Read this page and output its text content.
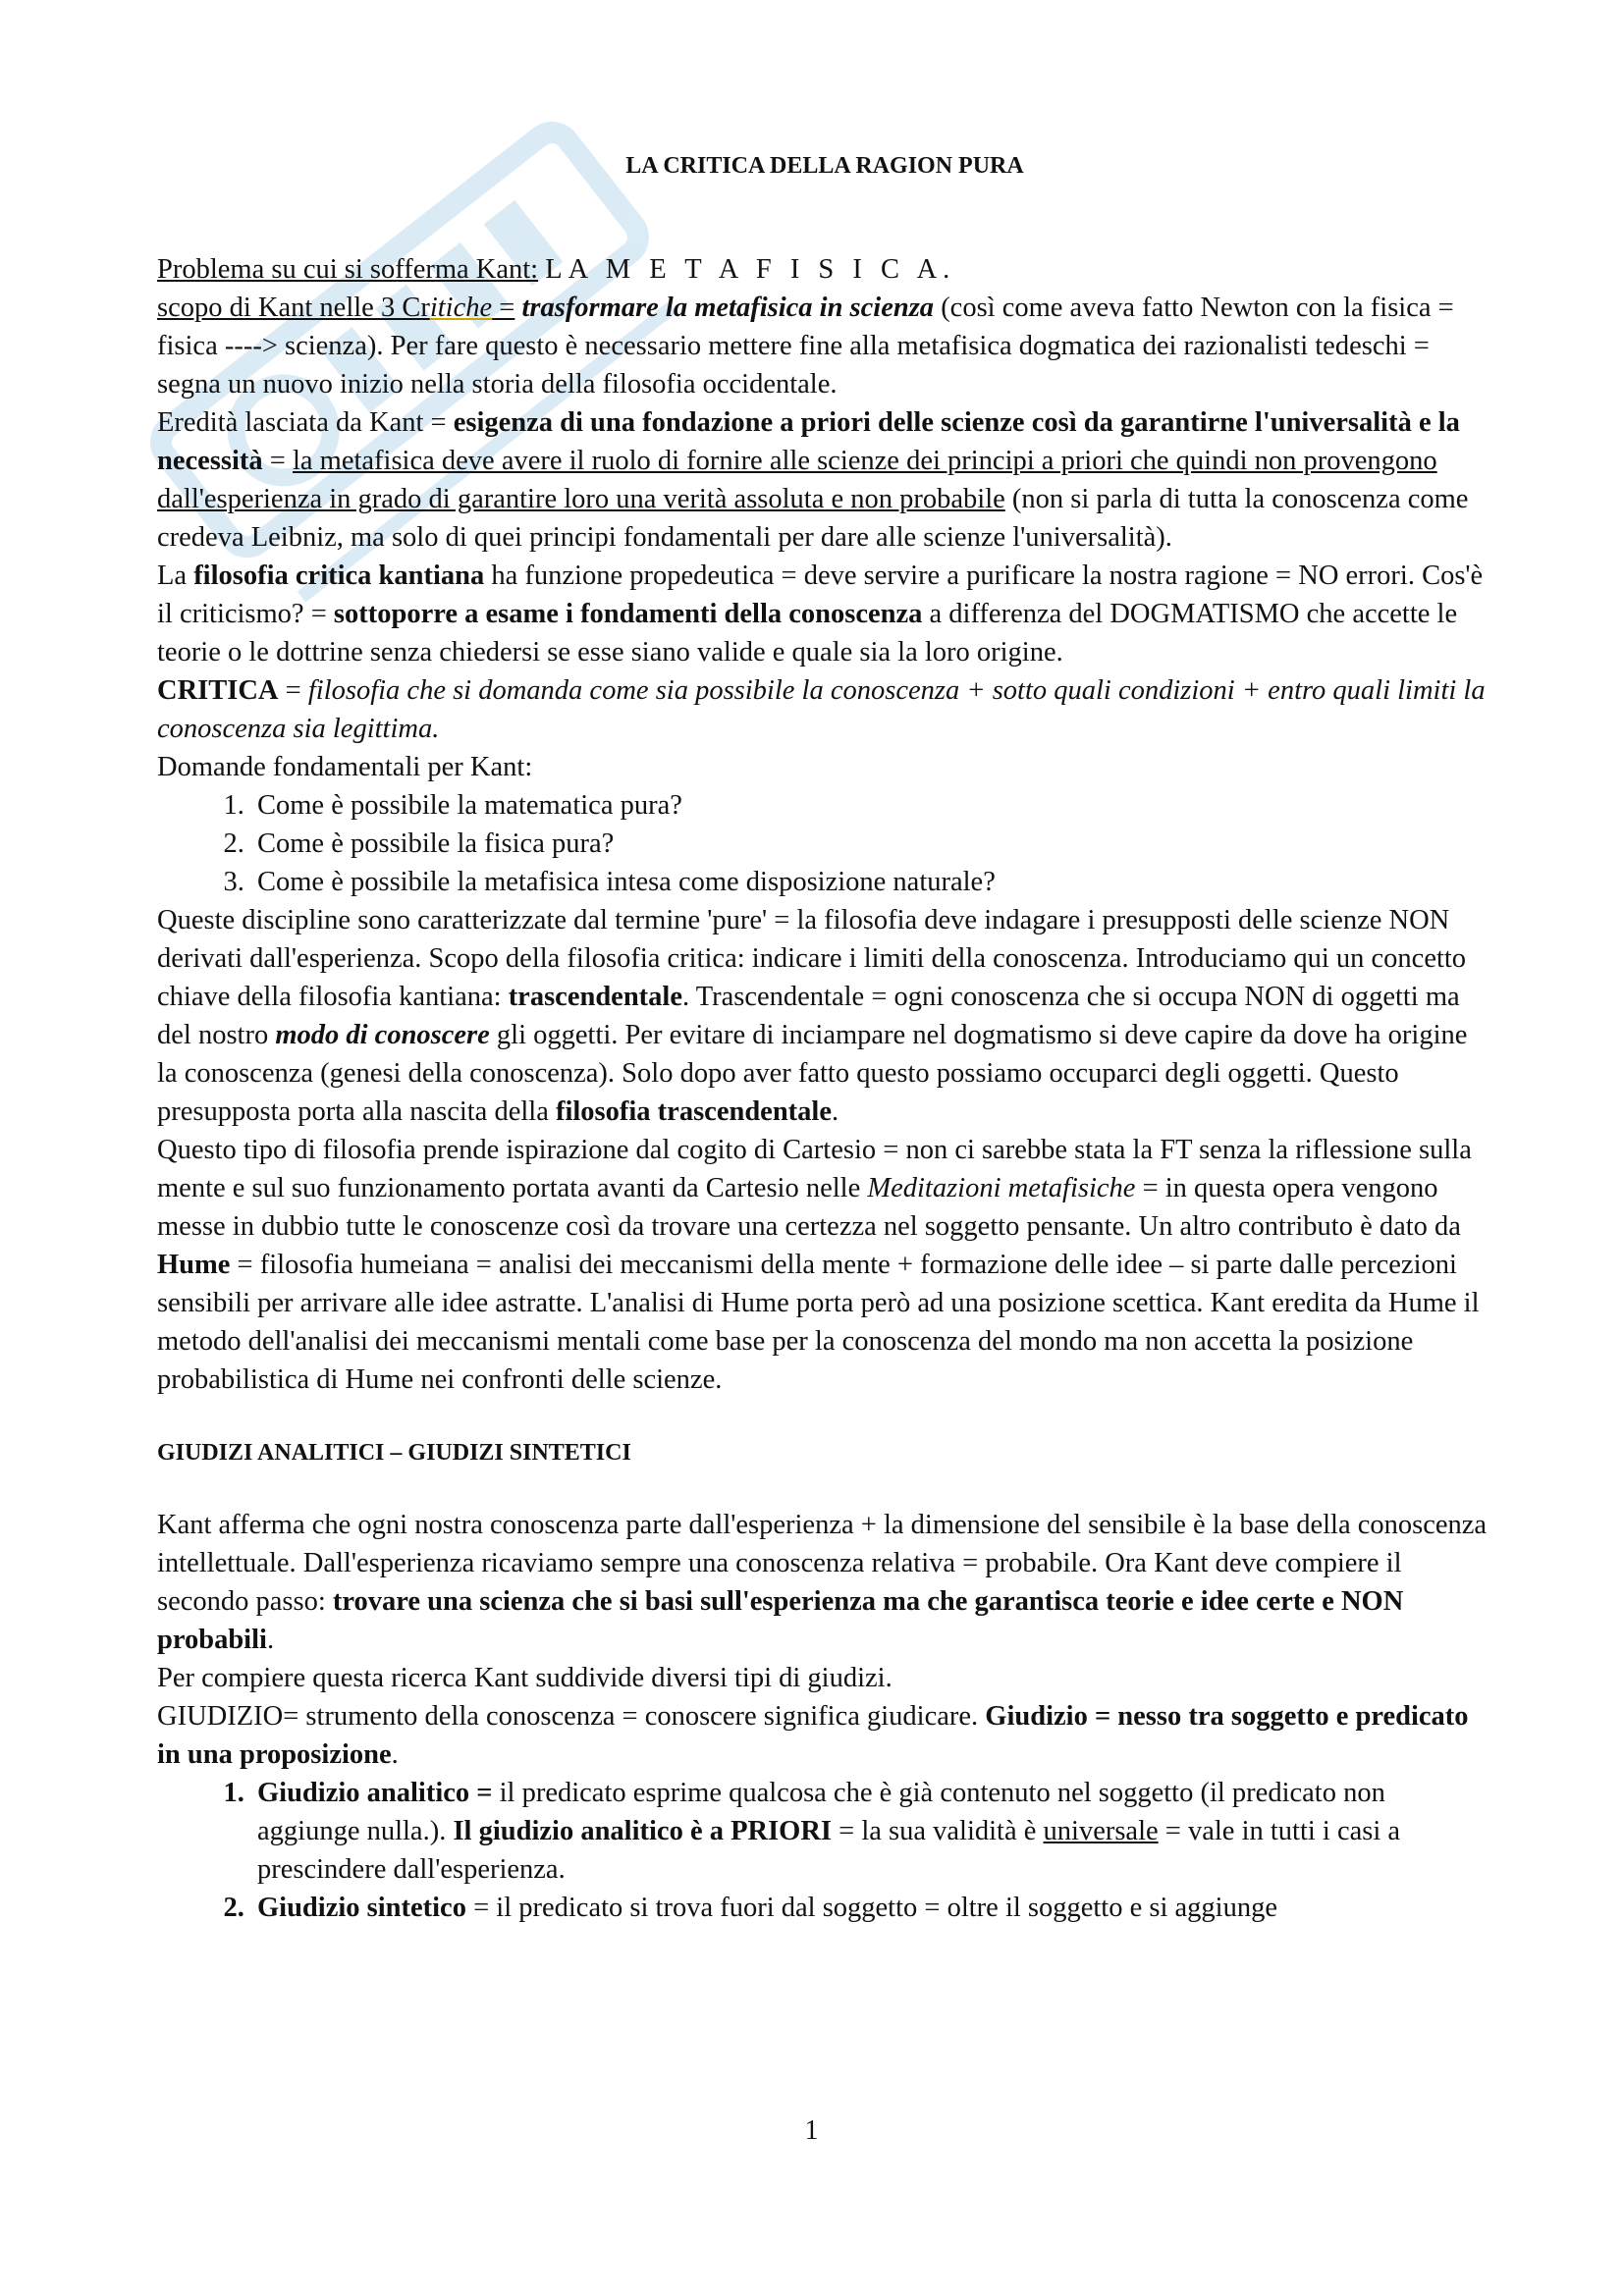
LA CRITICA DELLA RAGION PURA

Problema su cui si sofferma Kant: LA M E T A F I S I C A.

scopo di Kant nelle 3 Critiche = trasformare la metafisica in scienza (così come aveva fatto Newton con la fisica = fisica ----> scienza). Per fare questo è necessario mettere fine alla metafisica dogmatica dei razionalisti tedeschi = segna un nuovo inizio nella storia della filosofia occidentale.

Eredità lasciata da Kant = esigenza di una fondazione a priori delle scienze così da garantirne l'universalità e la necessità = la metafisica deve avere il ruolo di fornire alle scienze dei principi a priori che quindi non provengono dall'esperienza in grado di garantire loro una verità assoluta e non probabile (non si parla di tutta la conoscenza come credeva Leibniz, ma solo di quei principi fondamentali per dare alle scienze l'universalità).

La filosofia critica kantiana ha funzione propedeutica = deve servire a purificare la nostra ragione = NO errori. Cos'è il criticismo? = sottoporre a esame i fondamenti della conoscenza a differenza del DOGMATISMO che accette le teorie o le dottrine senza chiedersi se esse siano valide e quale sia la loro origine.

CRITICA = filosofia che si domanda come sia possibile la conoscenza + sotto quali condizioni + entro quali limiti la conoscenza sia legittima.

Domande fondamentali per Kant:

1. Come è possibile la matematica pura?
2. Come è possibile la fisica pura?
3. Come è possibile la metafisica intesa come disposizione naturale?

Queste discipline sono caratterizzate dal termine 'pure' = la filosofia deve indagare i presupposti delle scienze NON derivati dall'esperienza. Scopo della filosofia critica: indicare i limiti della conoscenza. Introduciamo qui un concetto chiave della filosofia kantiana: trascendentale. Trascendentale = ogni conoscenza che si occupa NON di oggetti ma del nostro modo di conoscere gli oggetti. Per evitare di inciampare nel dogmatismo si deve capire da dove ha origine la conoscenza (genesi della conoscenza). Solo dopo aver fatto questo possiamo occuparci degli oggetti. Questo presupposta porta alla nascita della filosofia trascendentale.

Questo tipo di filosofia prende ispirazione dal cogito di Cartesio = non ci sarebbe stata la FT senza la riflessione sulla mente e sul suo funzionamento portata avanti da Cartesio nelle Meditazioni metafisiche = in questa opera vengono messe in dubbio tutte le conoscenze così da trovare una certezza nel soggetto pensante. Un altro contributo è dato da Hume = filosofia humeiana = analisi dei meccanismi della mente + formazione delle idee – si parte dalle percezioni sensibili per arrivare alle idee astratte. L'analisi di Hume porta però ad una posizione scettica. Kant eredita da Hume il metodo dell'analisi dei meccanismi mentali come base per la conoscenza del mondo ma non accetta la posizione probabilistica di Hume nei confronti delle scienze.

GIUDIZI ANALITICI – GIUDIZI SINTETICI

Kant afferma che ogni nostra conoscenza parte dall'esperienza + la dimensione del sensibile è la base della conoscenza intellettuale. Dall'esperienza ricaviamo sempre una conoscenza relativa = probabile. Ora Kant deve compiere il secondo passo: trovare una scienza che si basi sull'esperienza ma che garantisca teorie e idee certe e NON probabili.

Per compiere questa ricerca Kant suddivide diversi tipi di giudizi.

GIUDIZIO= strumento della conoscenza = conoscere significa giudicare. Giudizio = nesso tra soggetto e predicato in una proposizione.

1. Giudizio analitico = il predicato esprime qualcosa che è già contenuto nel soggetto (il predicato non aggiunge nulla.). Il giudizio analitico è a PRIORI = la sua validità è universale = vale in tutti i casi a prescindere dall'esperienza.
2. Giudizio sintetico = il predicato si trova fuori dal soggetto = oltre il soggetto e si aggiunge
1
